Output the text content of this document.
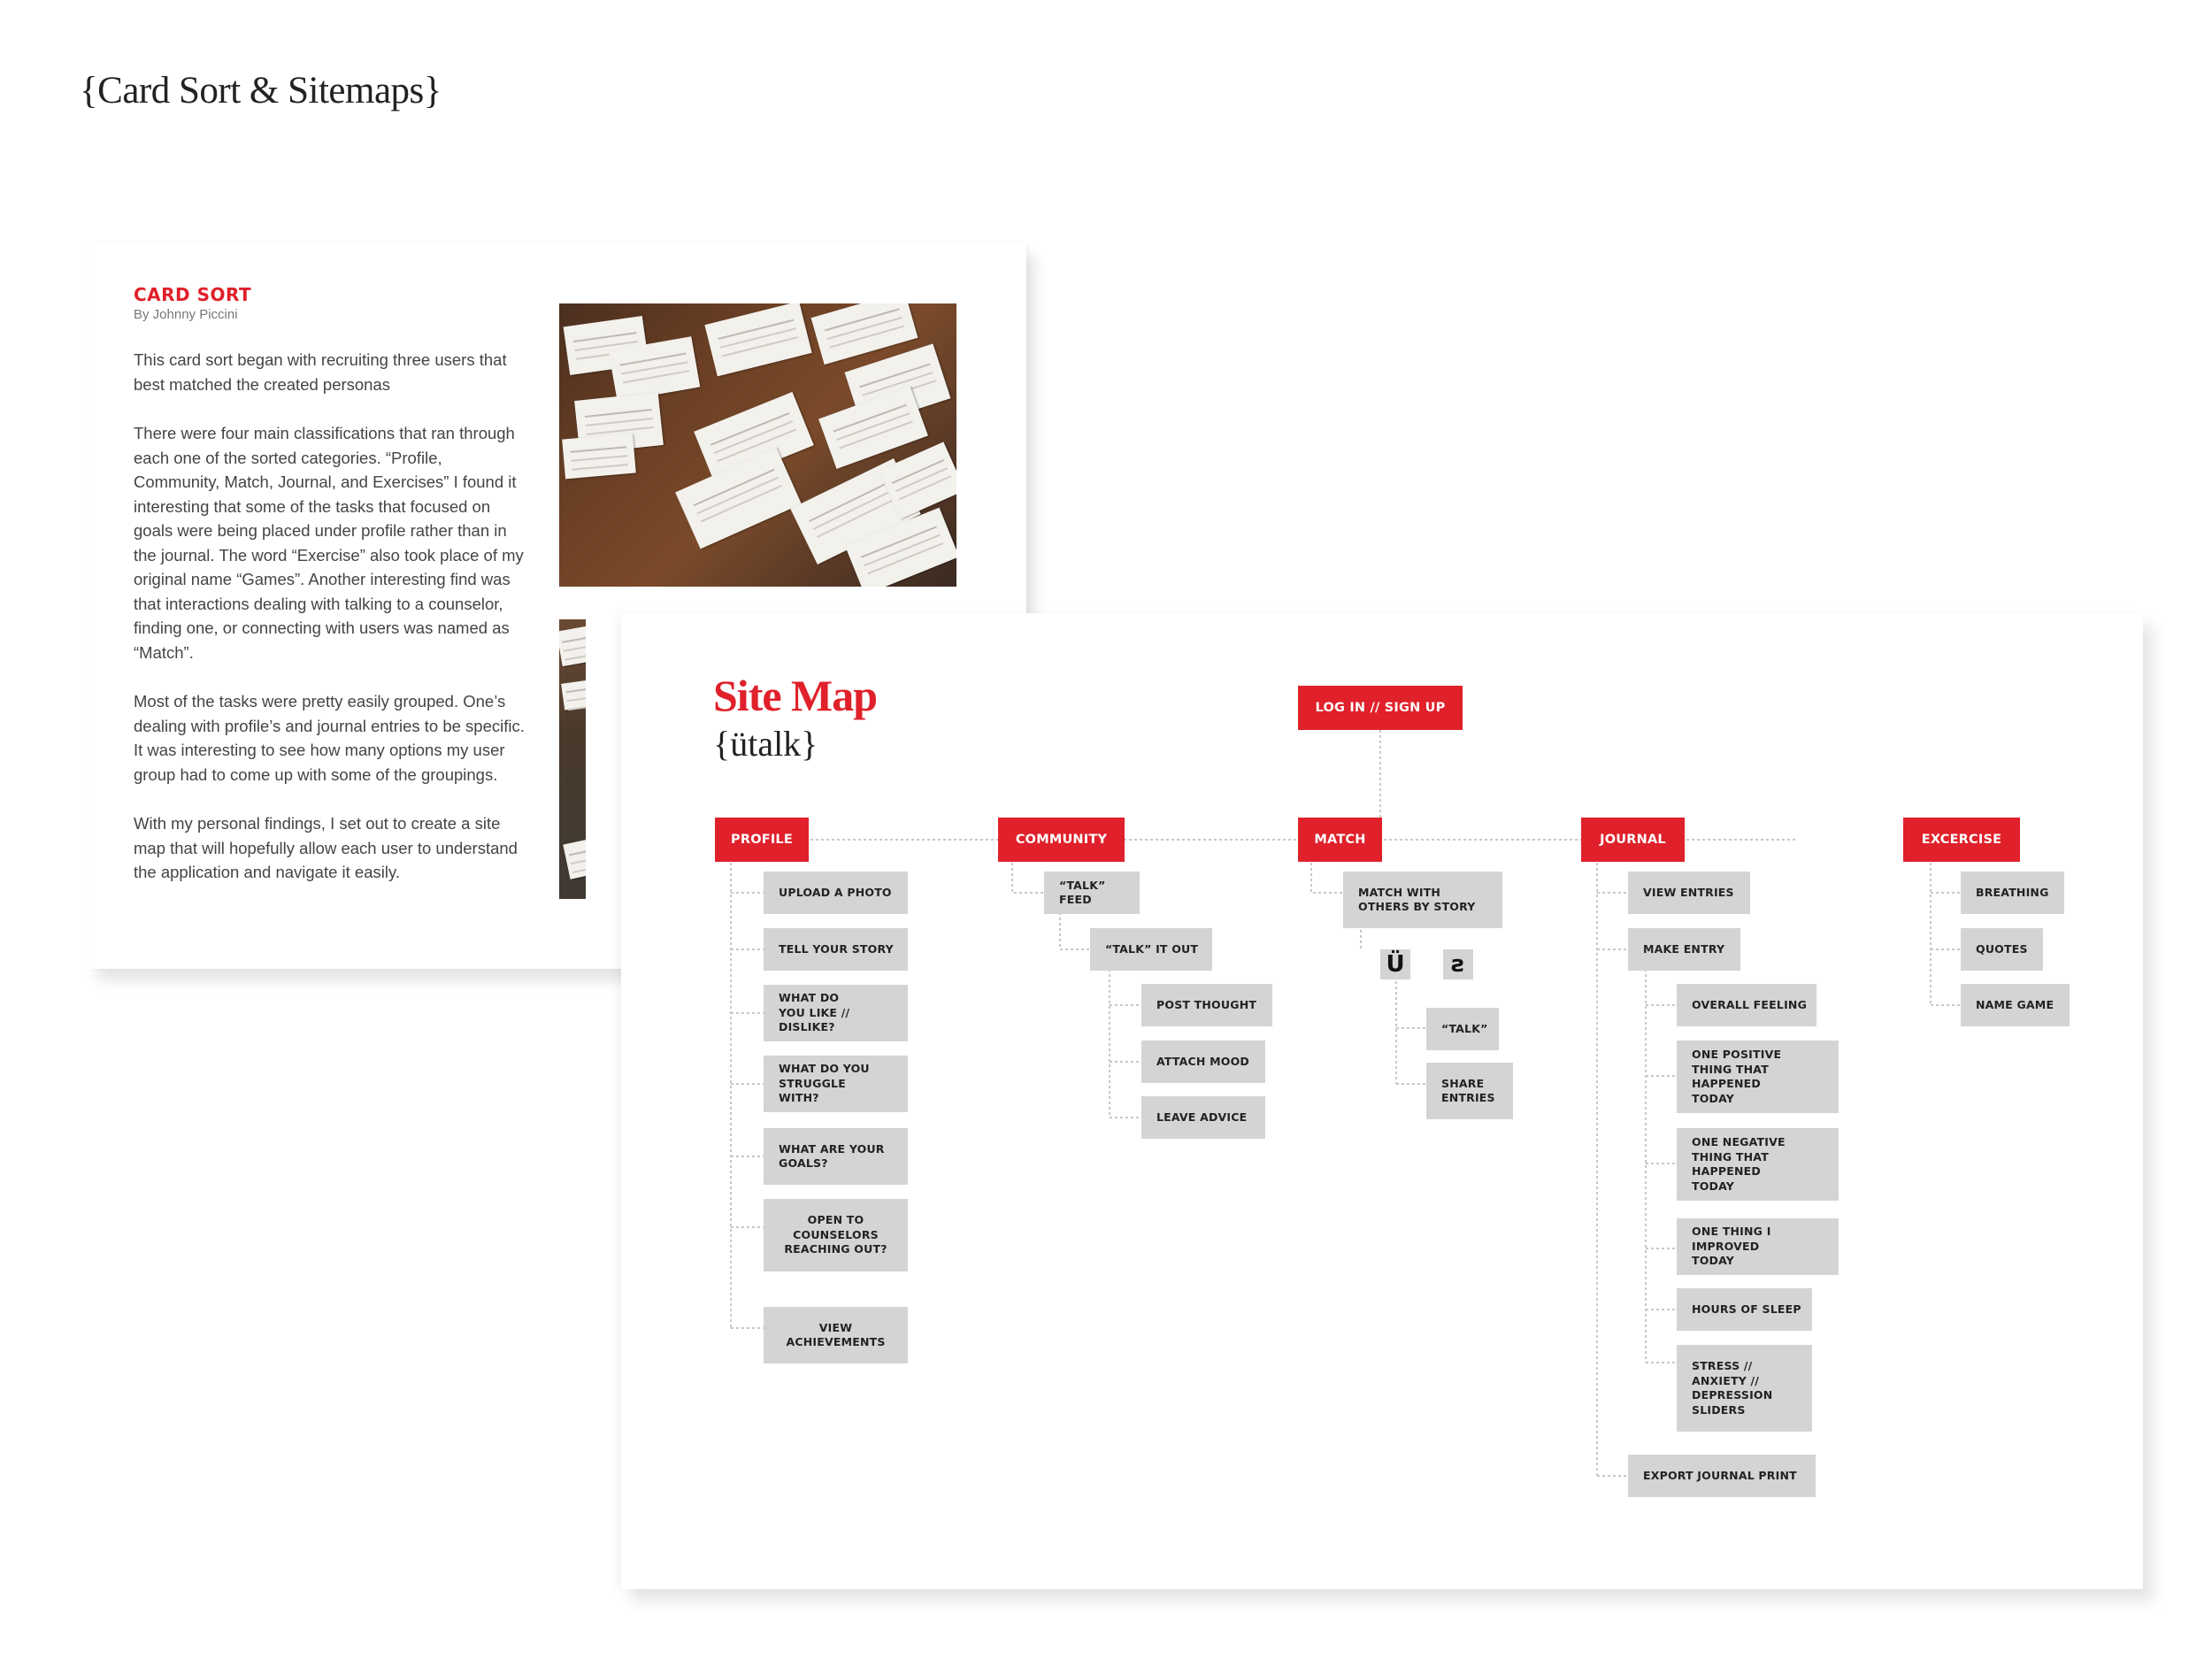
{Card Sort & Sitemaps}
CARD SORT

By Johnny Piccini

This card sort began with recruiting three users that best matched the created personas

There were four main classifications that ran through each one of the sorted categories. “Profile, Community, Match, Journal, and Exercises” I found it interesting that some of the tasks that focused on goals were being placed under profile rather than in the journal. The word “Exercise” also took place of my original name “Games”. Another interesting find was that interactions dealing with talking to a counselor, finding one, or connecting with users was named as “Match”.

Most of the tasks were pretty easily grouped. One’s dealing with profile’s and journal entries to be specific. It was interesting to see how many options my user group had to come up with some of the groupings.

With my personal findings, I set out to create a site map that will hopefully allow each user to understand the application and navigate it easily.

Site Map

{ütalk}

LOG IN // SIGN UP
PROFILE	COMMUNITY	MATCH	JOURNAL	EXCERCISE
UPLOAD A PHOTO
TELL YOUR STORY
WHAT DO YOU LIKE // DISLIKE?
WHAT DO YOU STRUGGLE WITH?
WHAT ARE YOUR GOALS?
OPEN TO COUNSELORS REACHING OUT?
VIEW ACHIEVEMENTS
“TALK” FEED
“TALK” IT OUT
POST THOUGHT
ATTACH MOOD
LEAVE ADVICE
MATCH WITH OTHERS BY STORY
Ü	ƨ
“TALK”
SHARE ENTRIES
VIEW ENTRIES
MAKE ENTRY
OVERALL FEELING
ONE POSITIVE THING THAT HAPPENED TODAY
ONE NEGATIVE THING THAT HAPPENED TODAY
ONE THING I IMPROVED TODAY
HOURS OF SLEEP
STRESS // ANXIETY // DEPRESSION SLIDERS
EXPORT JOURNAL PRINT
BREATHING
QUOTES
NAME GAME
